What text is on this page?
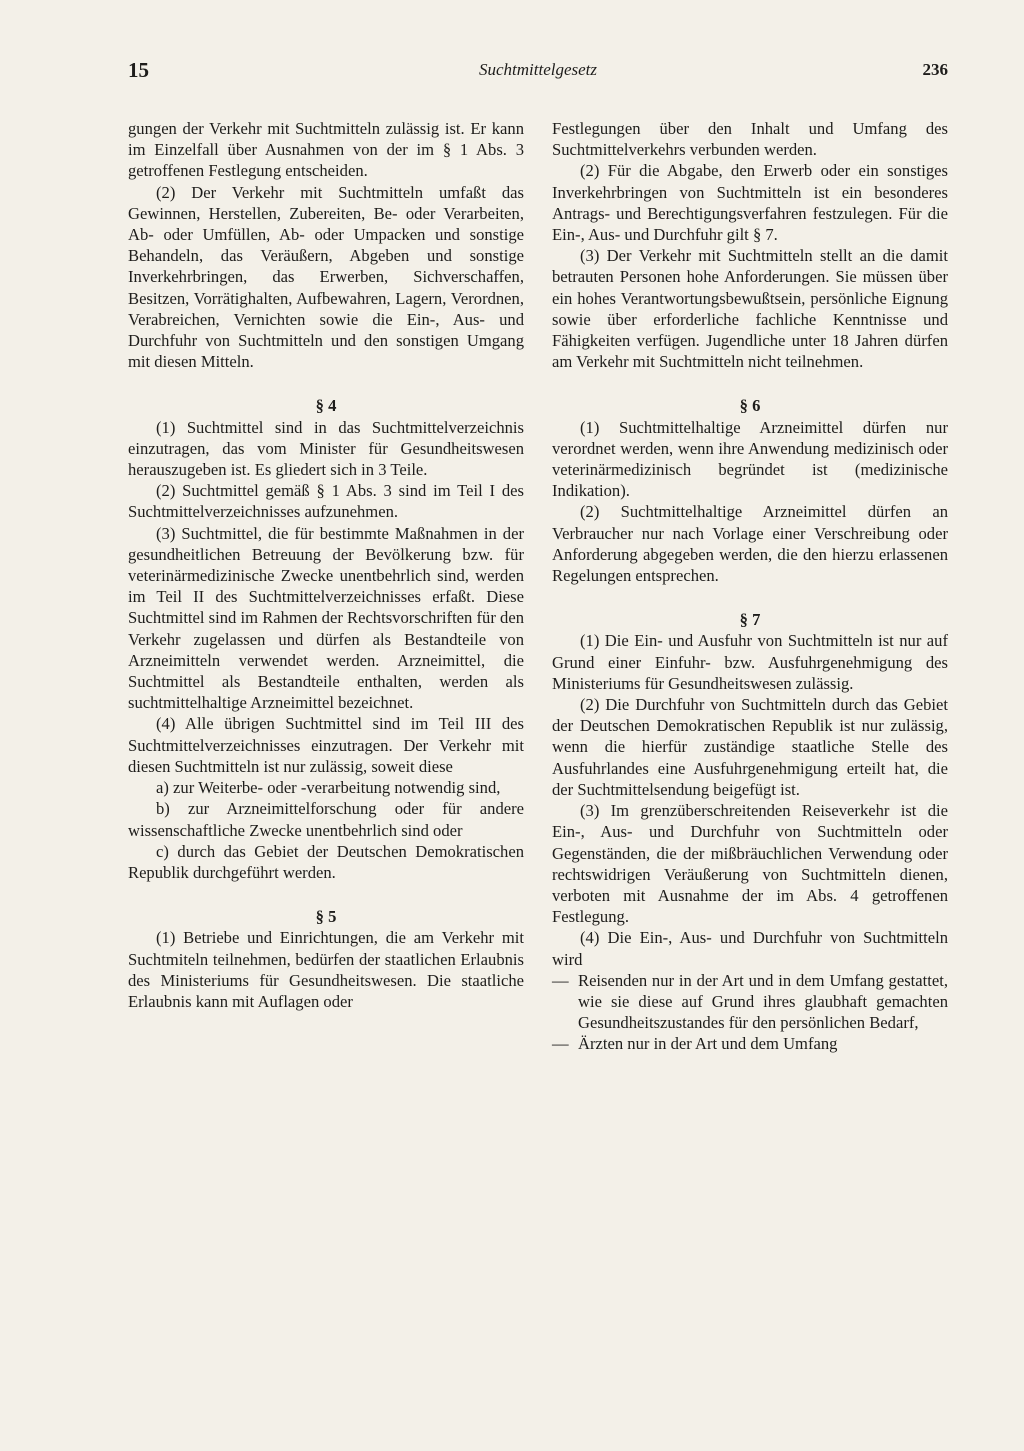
15	Suchtmittelgesetz	236

gungen der Verkehr mit Suchtmitteln zulässig ist. Er kann im Einzelfall über Ausnahmen von der im § 1 Abs. 3 getroffenen Festlegung entscheiden.

(2) Der Verkehr mit Suchtmitteln umfaßt das Gewinnen, Herstellen, Zubereiten, Be- oder Verarbeiten, Ab- oder Umfüllen, Ab- oder Umpacken und sonstige Behandeln, das Veräußern, Abgeben und sonstige Inverkehrbringen, das Erwerben, Sichverschaffen, Besitzen, Vorrätighalten, Aufbewahren, Lagern, Verordnen, Verabreichen, Vernichten sowie die Ein-, Aus- und Durchfuhr von Suchtmitteln und den sonstigen Umgang mit diesen Mitteln.

§ 4

(1) Suchtmittel sind in das Suchtmittelverzeichnis einzutragen, das vom Minister für Gesundheitswesen herauszugeben ist. Es gliedert sich in 3 Teile.

(2) Suchtmittel gemäß § 1 Abs. 3 sind im Teil I des Suchtmittelverzeichnisses aufzunehmen.

(3) Suchtmittel, die für bestimmte Maßnahmen in der gesundheitlichen Betreuung der Bevölkerung bzw. für veterinärmedizinische Zwecke unentbehrlich sind, werden im Teil II des Suchtmittelverzeichnisses erfaßt. Diese Suchtmittel sind im Rahmen der Rechtsvorschriften für den Verkehr zugelassen und dürfen als Bestandteile von Arzneimitteln verwendet werden. Arzneimittel, die Suchtmittel als Bestandteile enthalten, werden als suchtmittelhaltige Arzneimittel bezeichnet.

(4) Alle übrigen Suchtmittel sind im Teil III des Suchtmittelverzeichnisses einzutragen. Der Verkehr mit diesen Suchtmitteln ist nur zulässig, soweit diese

a) zur Weiterbe- oder -verarbeitung notwendig sind,

b) zur Arzneimittelforschung oder für andere wissenschaftliche Zwecke unentbehrlich sind oder

c) durch das Gebiet der Deutschen Demokratischen Republik durchgeführt werden.

§ 5

(1) Betriebe und Einrichtungen, die am Verkehr mit Suchtmiteln teilnehmen, bedürfen der staatlichen Erlaubnis des Ministeriums für Gesundheitswesen. Die staatliche Erlaubnis kann mit Auflagen oder

Festlegungen über den Inhalt und Umfang des Suchtmittelverkehrs verbunden werden.

(2) Für die Abgabe, den Erwerb oder ein sonstiges Inverkehrbringen von Suchtmitteln ist ein besonderes Antrags- und Berechtigungsverfahren festzulegen. Für die Ein-, Aus- und Durchfuhr gilt § 7.

(3) Der Verkehr mit Suchtmitteln stellt an die damit betrauten Personen hohe Anforderungen. Sie müssen über ein hohes Verantwortungsbewußtsein, persönliche Eignung sowie über erforderliche fachliche Kenntnisse und Fähigkeiten verfügen. Jugendliche unter 18 Jahren dürfen am Verkehr mit Suchtmitteln nicht teilnehmen.

§ 6

(1) Suchtmittelhaltige Arzneimittel dürfen nur verordnet werden, wenn ihre Anwendung medizinisch oder veterinärmedizinisch begründet ist (medizinische Indikation).

(2) Suchtmittelhaltige Arzneimittel dürfen an Verbraucher nur nach Vorlage einer Verschreibung oder Anforderung abgegeben werden, die den hierzu erlassenen Regelungen entsprechen.

§ 7

(1) Die Ein- und Ausfuhr von Suchtmitteln ist nur auf Grund einer Einfuhr- bzw. Ausfuhrgenehmigung des Ministeriums für Gesundheitswesen zulässig.

(2) Die Durchfuhr von Suchtmitteln durch das Gebiet der Deutschen Demokratischen Republik ist nur zulässig, wenn die hierfür zuständige staatliche Stelle des Ausfuhrlandes eine Ausfuhrgenehmigung erteilt hat, die der Suchtmittelsendung beigefügt ist.

(3) Im grenzüberschreitenden Reiseverkehr ist die Ein-, Aus- und Durchfuhr von Suchtmitteln oder Gegenständen, die der mißbräuchlichen Verwendung oder rechtswidrigen Veräußerung von Suchtmitteln dienen, verboten mit Ausnahme der im Abs. 4 getroffenen Festlegung.

(4) Die Ein-, Aus- und Durchfuhr von Suchtmitteln wird

— Reisenden nur in der Art und in dem Umfang gestattet, wie sie diese auf Grund ihres glaubhaft gemachten Gesundheitszustandes für den persönlichen Bedarf,
— Ärzten nur in der Art und dem Umfang
